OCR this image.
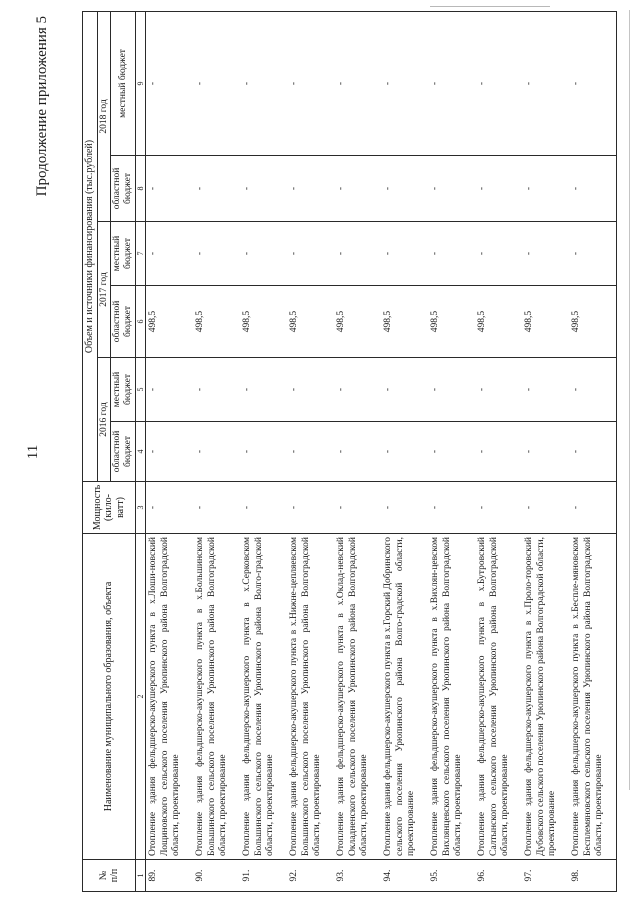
11
Продолжение приложения 5
№
п/п	Наименование муниципального образования, объекта	Мощность (кило-ватт)	Объем и источники финансирования (тыс.рублей)					
			2016 год		2017 год		2018 год	
			областной бюджет	местный бюджет	областной бюджет	местный бюджет	областной бюджет	местный бюджет
1	2	3	4	5	6	7	8	9
89.	Отопление здания фельдшерско-акушерского пункта в х.Лоши-новский Лощиновского сельского поселения Урюпинского района Волгоградской области, проектирование	-	-	-	498,5	-	-	-
90.	Отопление здания фельдшерско-акушерского пункта в х.Большинском Большинского сельского поселения Урюпинского района Волгоградской области, проектирование	-	-	-	498,5	-	-	-
91.	Отопление здания фельдшерско-акушерского пункта в х.Серковском Большинского сельского поселения Урюпинского района Волго-градской области, проектирование	-	-	-	498,5	-	-	-
92.	Отопление здания фельдшерско-акушерского пункта в х.Нижне-цепляевском Большинского сельского поселения Урюпинского района Волгоградской области, проектирование	-	-	-	498,5	-	-	-
93.	Отопление здания фельдшерско-акушерского пункта в х.Оклад-невский Окладненского сельского поселения Урюпинского района Волгоградской области, проектирование	-	-	-	498,5	-	-	-
94.	Отопление здания фельдшерско-акушерского пункта в х.Горский Добринского сельского поселения Урюпинского района Волго-градской области, проектирование	-	-	-	498,5	-	-	-
95.	Отопление здания фельдшерско-акушерского пункта в х.Вихлян-цевском Вихлянцевского сельского поселения Урюпинского района Волгоградской области, проектирование	-	-	-	498,5	-	-	-
96.	Отопление здания фельдшерско-акушерского пункта в х.Бутровский Салтынского сельского поселения Урюпинского района Волгоградской области, проектирование	-	-	-	498,5	-	-	-
97.	Отопление здания фельдшерско-акушерского пункта в х.Проло-торовский Дубовского сельского поселения Урюпинского района Волгоградской области, проектирование	-	-	-	498,5	-	-	-
98.	Отопление здания фельдшерско-акушерского пункта в х.Беспле-мяновском Бесплемяновского сельского поселения Урюпинского района Волгоградской области, проектирование	-	-	-	498,5	-	-	-
